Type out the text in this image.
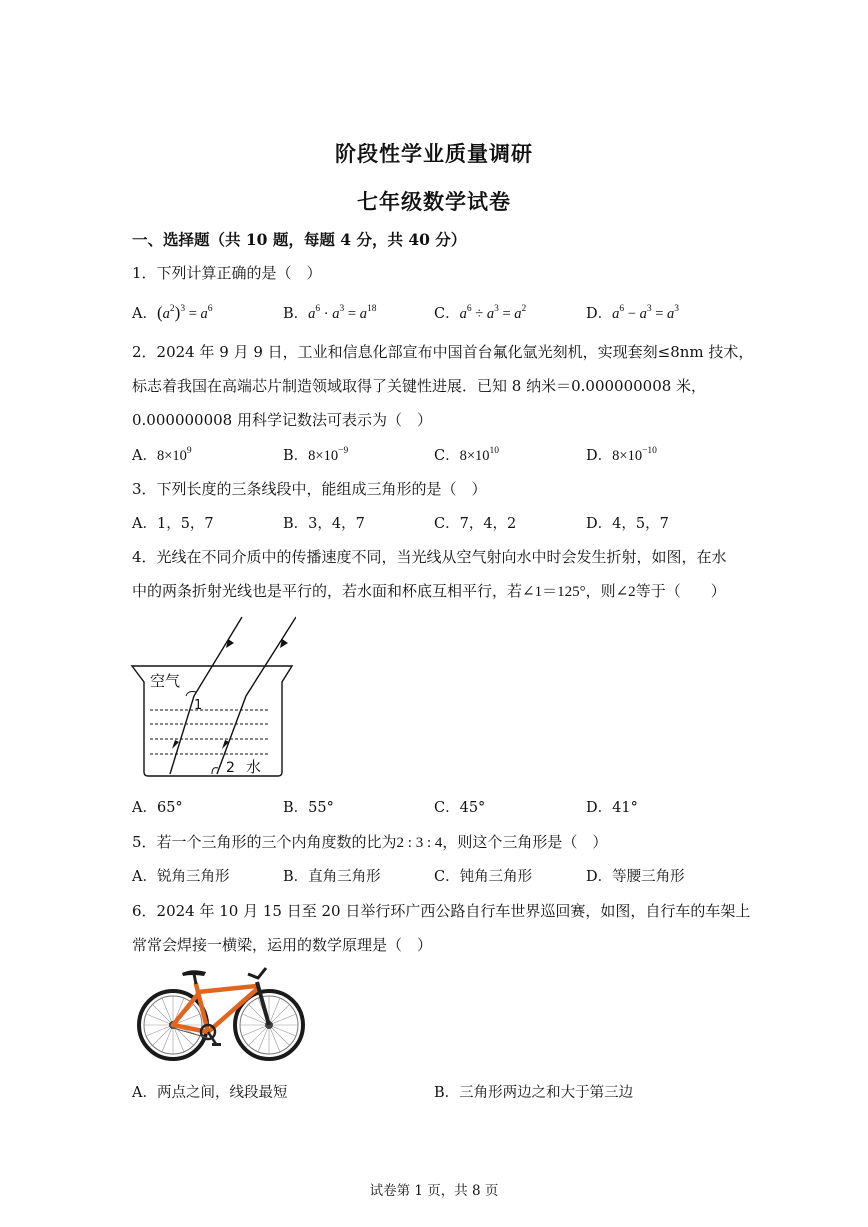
阶段性学业质量调研
七年级数学试卷
一、选择题（共 10 题，每题 4 分，共 40 分）
1．下列计算正确的是（　）
A．$(a^2)^3 = a^6$	B．$a^6 \cdot a^3 = a^{18}$	C．$a^6 \div a^3 = a^2$	D．$a^6 - a^3 = a^3$
2．2024 年 9 月 9 日，工业和信息化部宣布中国首台氟化氩光刻机，实现套刻≤8nm 技术，
标志着我国在高端芯片制造领域取得了关键性进展．已知 8 纳米＝0.000000008 米，
0.000000008 用科学记数法可表示为（　）
A．$8\times 10^9$	B．$8\times 10^{-9}$	C．$8\times 10^{10}$	D．$8\times 10^{-10}$
3．下列长度的三条线段中，能组成三角形的是（　）
A．1，5，7	B．3，4，7	C．7，4，2	D．4，5，7
4．光线在不同介质中的传播速度不同，当光线从空气射向水中时会发生折射，如图，在水
中的两条折射光线也是平行的，若水面和杯底互相平行，若∠1＝125°，则∠2等于（　　）
空气
1
2 水
A．65°	B．55°	C．45°	D．41°
5．若一个三角形的三个内角度数的比为2 : 3 : 4，则这个三角形是（　）
A．锐角三角形	B．直角三角形	C．钝角三角形	D．等腰三角形
6．2024 年 10 月 15 日至 20 日举行环广西公路自行车世界巡回赛，如图，自行车的车架上
常常会焊接一横梁，运用的数学原理是（　）
A．两点之间，线段最短	B．三角形两边之和大于第三边
试卷第 1 页，共 8 页
